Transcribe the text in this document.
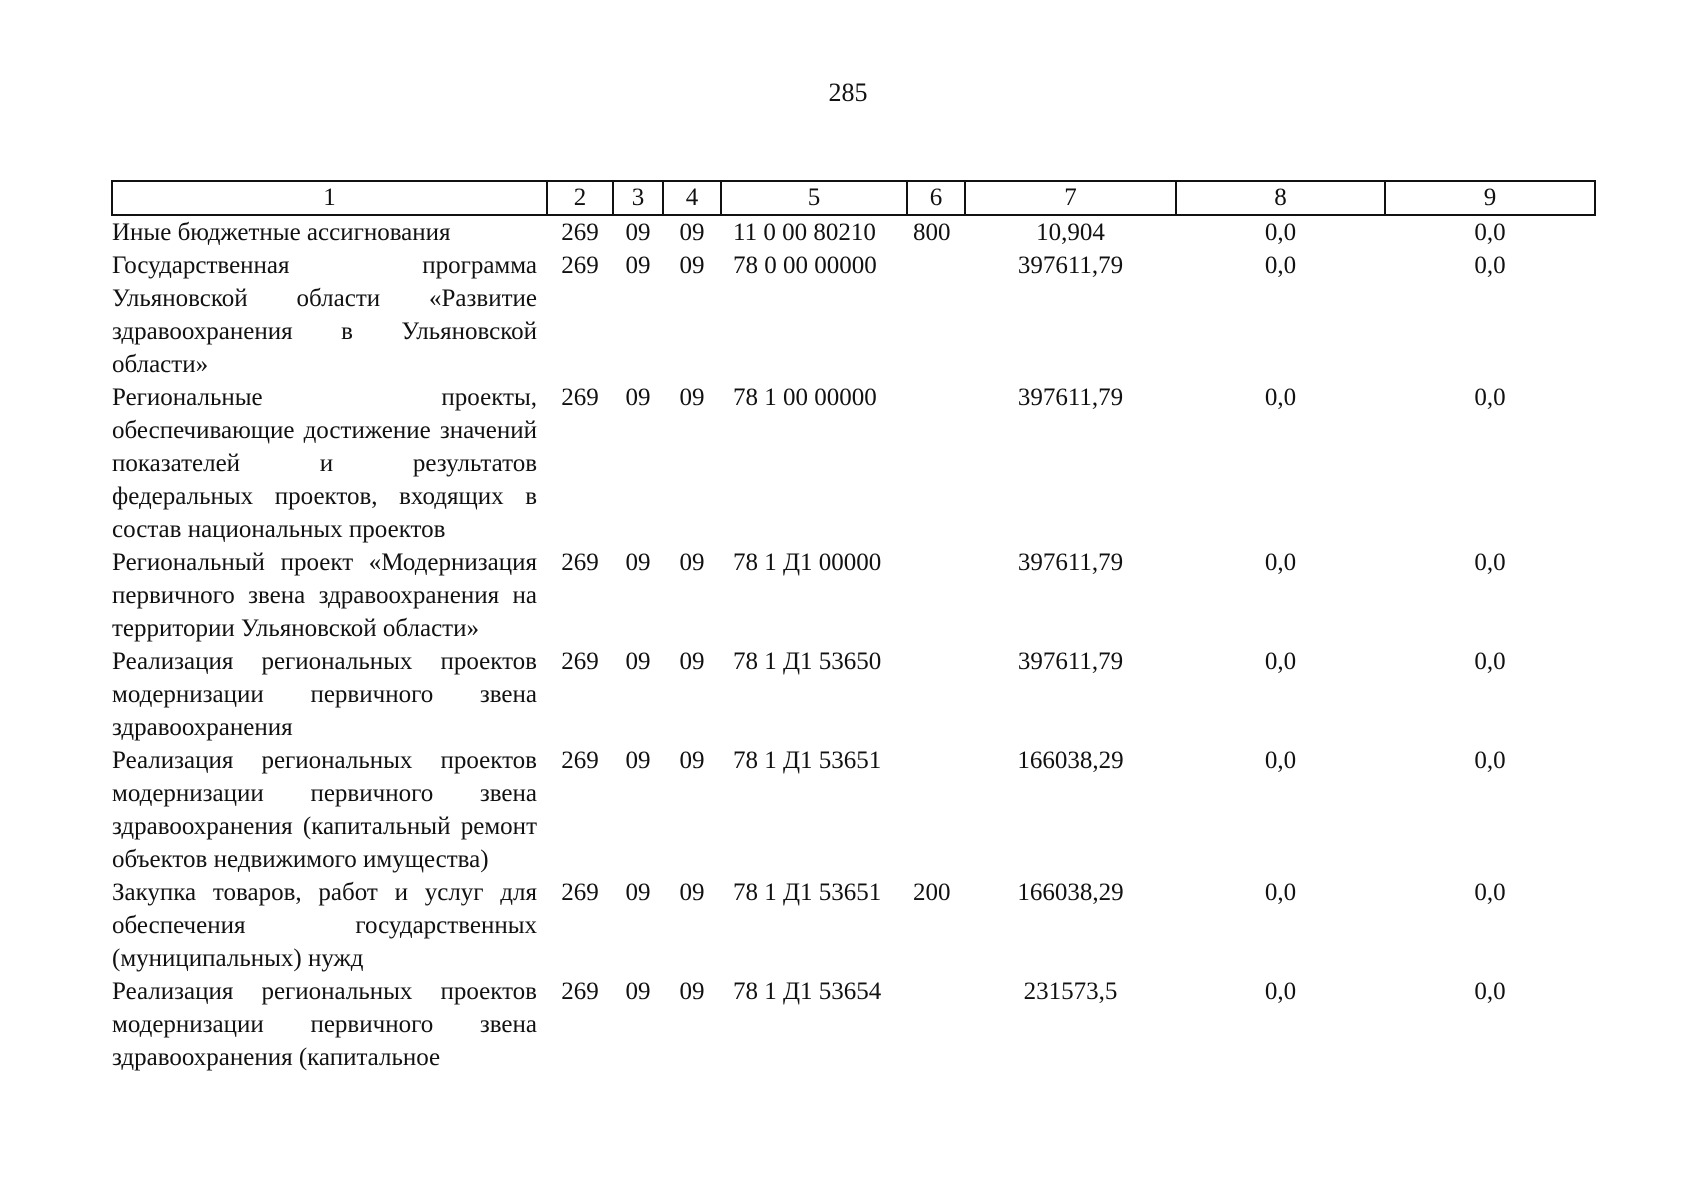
285
1	2	3	4	5	6	7	8	9
Иные бюджетные ассигнования	269	09	09	11 0 00 80210	800	10,904	0,0	0,0
Государственная программа Ульяновской области «Развитие здравоохранения в Ульяновской области»	269	09	09	78 0 00 00000		397611,79	0,0	0,0
Региональные проекты, обеспечивающие достижение значений показателей и результатов федеральных проектов, входящих в состав национальных проектов	269	09	09	78 1 00 00000		397611,79	0,0	0,0
Региональный проект «Модернизация первичного звена здравоохранения на территории Ульяновской области»	269	09	09	78 1 Д1 00000		397611,79	0,0	0,0
Реализация региональных проектов модернизации первичного звена здравоохранения	269	09	09	78 1 Д1 53650		397611,79	0,0	0,0
Реализация региональных проектов модернизации первичного звена здравоохранения (капитальный ремонт объектов недвижимого имущества)	269	09	09	78 1 Д1 53651		166038,29	0,0	0,0
Закупка товаров, работ и услуг для обеспечения государственных (муниципальных) нужд	269	09	09	78 1 Д1 53651	200	166038,29	0,0	0,0
Реализация региональных проектов модернизации первичного звена здравоохранения (капитальное	269	09	09	78 1 Д1 53654		231573,5	0,0	0,0
